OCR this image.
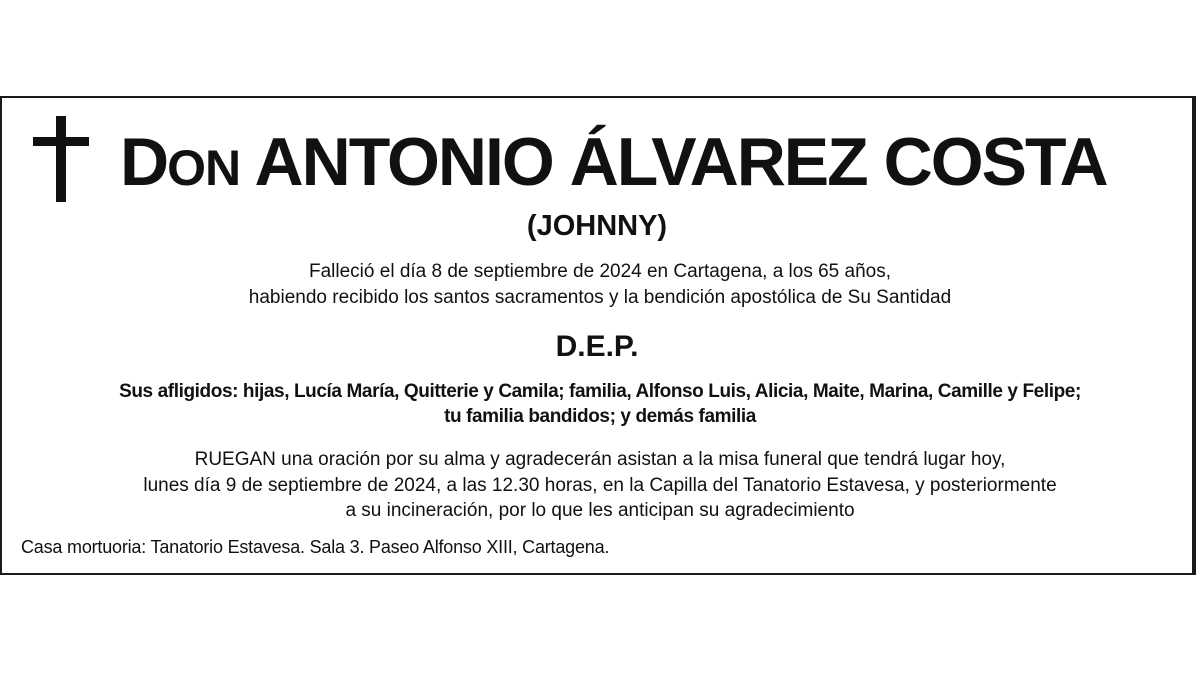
DON ANTONIO ÁLVAREZ COSTA
(JOHNNY)
Falleció el día 8 de septiembre de 2024 en Cartagena, a los 65 años,
habiendo recibido los santos sacramentos y la bendición apostólica de Su Santidad
D.E.P.
Sus afligidos: hijas, Lucía María, Quitterie y Camila; familia, Alfonso Luis, Alicia, Maite, Marina, Camille y Felipe;
tu familia bandidos; y demás familia
RUEGAN una oración por su alma y agradecerán asistan a la misa funeral que tendrá lugar hoy,
lunes día 9 de septiembre de 2024, a las 12.30 horas, en la Capilla del Tanatorio Estavesa, y posteriormente
a su incineración, por lo que les anticipan su agradecimiento
Casa mortuoria: Tanatorio Estavesa. Sala 3. Paseo Alfonso XIII, Cartagena.
